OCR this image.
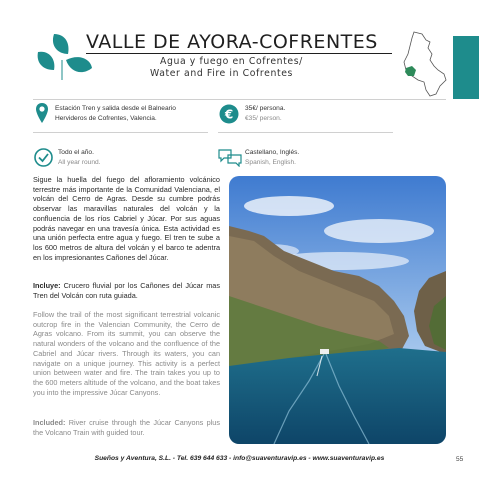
VALLE DE AYORA-COFRENTES
Agua y fuego en Cofrentes/
Water and Fire in Cofrentes
Estación Tren y salida desde el Balneario Hervideros de Cofrentes, Valencia.	€ 35€/ persona.
€35/ person.
Todo el año.
All year round.
Castellano, Inglés.
Spanish, English.
Sigue la huella del fuego del afloramiento volcánico terrestre más importante de la Comunidad Valenciana, el volcán del Cerro de Agras. Desde su cumbre podrás observar las maravillas naturales del volcán y la confluencia de los ríos Cabriel y Júcar. Por sus aguas podrás navegar en una travesía única. Esta actividad es una unión perfecta entre agua y fuego. El tren te sube a los 600 metros de altura del volcán y el barco te adentra en los impresionantes Cañones del Júcar.
Incluye: Crucero fluvial por los Cañones del Júcar mas Tren del Volcán con ruta guiada.
Follow the trail of the most significant terrestrial volcanic outcrop fire in the Valencian Community, the Cerro de Agras volcano. From its summit, you can observe the natural wonders of the volcano and the confluence of the Cabriel and Júcar rivers. Through its waters, you can navigate on a unique journey. This activity is a perfect union between water and fire. The train takes you up to the 600 meters altitude of the volcano, and the boat takes you into the impressive Júcar Canyons.
Included: River cruise through the Júcar Canyons plus the Volcano Train with guided tour.
Sueños y Aventura, S.L. - Tel. 639 644 633 - info@suaventuravip.es - www.suaventuravip.es	55
